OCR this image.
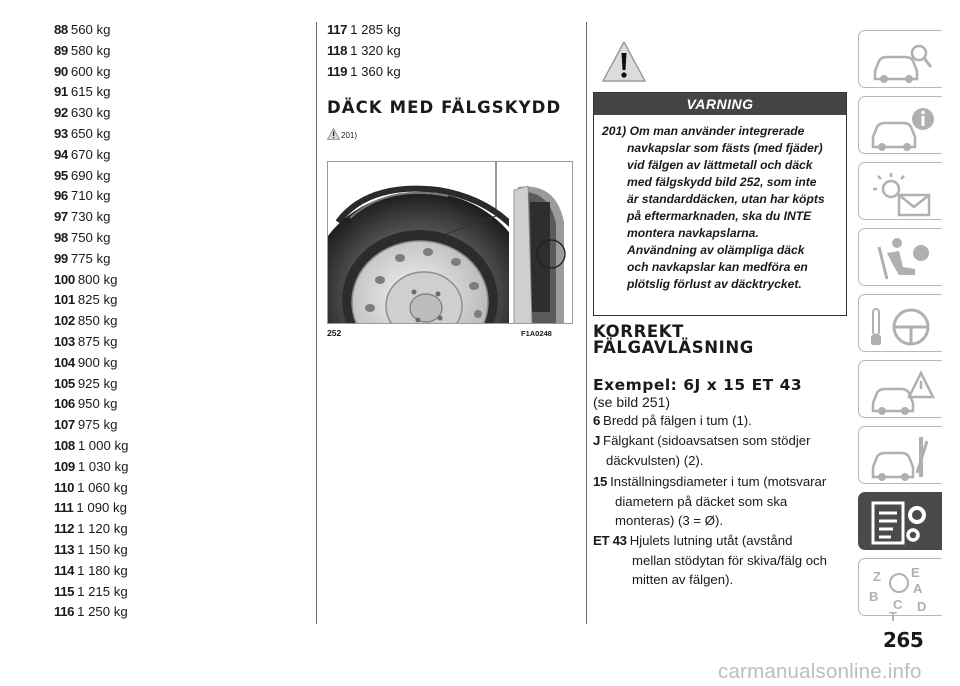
88 560 kg
89 580 kg
90 600 kg
91 615 kg
92 630 kg
93 650 kg
94 670 kg
95 690 kg
96 710 kg
97 730 kg
98 750 kg
99 775 kg
100 800 kg
101 825 kg
102 850 kg
103 875 kg
104 900 kg
105 925 kg
106 950 kg
107 975 kg
108 1 000 kg
109 1 030 kg
110 1 060 kg
111 1 090 kg
112 1 120 kg
113 1 150 kg
114 1 180 kg
115 1 215 kg
116 1 250 kg
117 1 285 kg
118 1 320 kg
119 1 360 kg
DÄCK MED FÄLGSKYDD
201)
252	F1A0248
VARNING
201) Om man använder integrerade
navkapslar som fästs (med fjäder)
vid fälgen av lättmetall och däck
med fälgskydd bild 252, som inte
är standarddäcken, utan har köpts
på eftermarknaden, ska du INTE
montera navkapslarna.
Användning av olämpliga däck
och navkapslar kan medföra en
plötslig förlust av däcktrycket.
KORREKT
FÄLGAVLÄSNING
Exempel: 6J x 15 ET 43
(se bild 251)
Z E
A
B
C
T
D
265
carmanualsonline.info
6 Bredd på fälgen i tum (1).
J Fälgkant (sidoavsatsen som stödjer
däckvulsten) (2).
15 Inställningsdiameter i tum (motsvarar
diametern på däcket som ska
monteras) (3 = Ø).
ET 43 Hjulets lutning utåt (avstånd
mellan stödytan för skiva/fälg och
mitten av fälgen).
